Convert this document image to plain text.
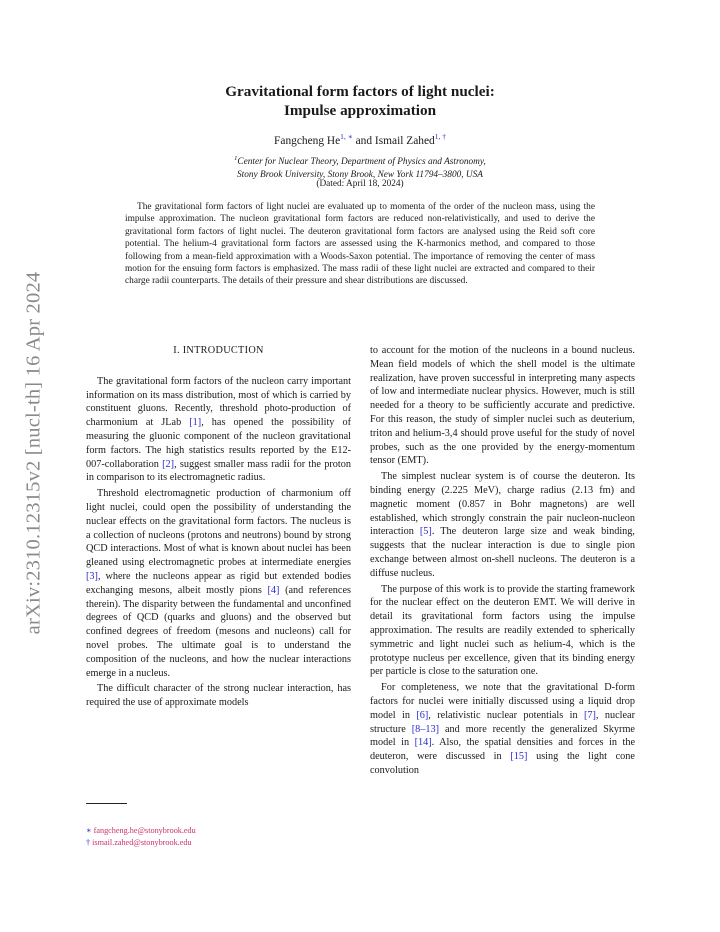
arXiv:2310.12315v2 [nucl-th] 16 Apr 2024
Gravitational form factors of light nuclei:
Impulse approximation
Fangcheng $He^{1, ∗}$ and Ismail Zahed$^{1, \dagger}$
$^1$Center for Nuclear Theory, Department of Physics and Astronomy,
Stony Brook University, Stony Brook, New York 11794–3800, USA
(Dated: April 18, 2024)

The gravitational form factors of light nuclei are evaluated up to momenta of the order of the nucleon mass, using the impulse approximation. The nucleon gravitational form factors are reduced non-relativistically, and used to derive the gravitational form factors of light nuclei. The deuteron gravitational form factors are analysed using the Reid soft core potential. The helium-4 gravitational form factors are assessed using the K-harmonics method, and compared to those following from a mean-field approximation with a Woods-Saxon potential. The importance of removing the center of mass motion for the ensuing form factors is emphasized. The mass radii of these light nuclei are extracted and compared to their charge radii counterparts. The details of their pressure and shear distributions are discussed.

I. INTRODUCTION

The gravitational form factors of the nucleon carry important information on its mass distribution, most of which is carried by constituent gluons. Recently, threshold photo-production of charmonium at JLab [1], has opened the possibility of measuring the gluonic component of the nucleon gravitational form factors. The high statistics results reported by the E12-007-collaboration [2], suggest smaller mass radii for the proton in comparison to its electromagnetic radius.

Threshold electromagnetic production of charmonium off light nuclei, could open the possibility of understanding the nuclear effects on the gravitational form factors. The nucleus is a collection of nucleons (protons and neutrons) bound by strong QCD interactions. Most of what is known about nuclei has been gleaned using electromagnetic probes at intermediate energies [3], where the nucleons appear as rigid but extended bodies exchanging mesons, albeit mostly pions [4] (and references therein). The disparity between the fundamental and unconfined degrees of QCD (quarks and gluons) and the observed but confined degrees of freedom (mesons and nucleons) call for novel probes. The ultimate goal is to understand the composition of the nucleons, and how the nuclear interactions emerge in a nucleus.

The difficult character of the strong nuclear interaction, has required the use of approximate models

to account for the motion of the nucleons in a bound nucleus. Mean field models of which the shell model is the ultimate realization, have proven successful in interpreting many aspects of low and intermediate nuclear physics. However, much is still needed for a theory to be sufficiently accurate and predictive. For this reason, the study of simpler nuclei such as deuterium, triton and helium-3,4 should prove useful for the study of novel probes, such as the one provided by the energy-momentum tensor (EMT).

The simplest nuclear system is of course the deuteron. Its binding energy (2.225 MeV), charge radius (2.13 fm) and magnetic moment (0.857 in Bohr magnetons) are well established, which strongly constrain the pair nucleon-nucleon interaction [5]. The deuteron large size and weak binding, suggests that the nuclear interaction is due to single pion exchange between almost on-shell nucleons. The deuteron is a diffuse nucleus.

The purpose of this work is to provide the starting framework for the nuclear effect on the deuteron EMT. We will derive in detail its gravitational form factors using the impulse approximation. The results are readily extended to spherically symmetric and light nuclei such as helium-4, which is the prototype nucleus per excellence, given that its binding energy per particle is close to the saturation one.

For completeness, we note that the gravitational D-form factors for nuclei were initially discussed using a liquid drop model in [6], relativistic nuclear potentials in [7], nuclear structure [8–13] and more recently the generalized Skyrme model in [14]. Also, the spatial densities and forces in the deuteron, were discussed in [15] using the light cone convolution

∗ fangcheng.he@stonybrook.edu
† ismail.zahed@stonybrook.edu
